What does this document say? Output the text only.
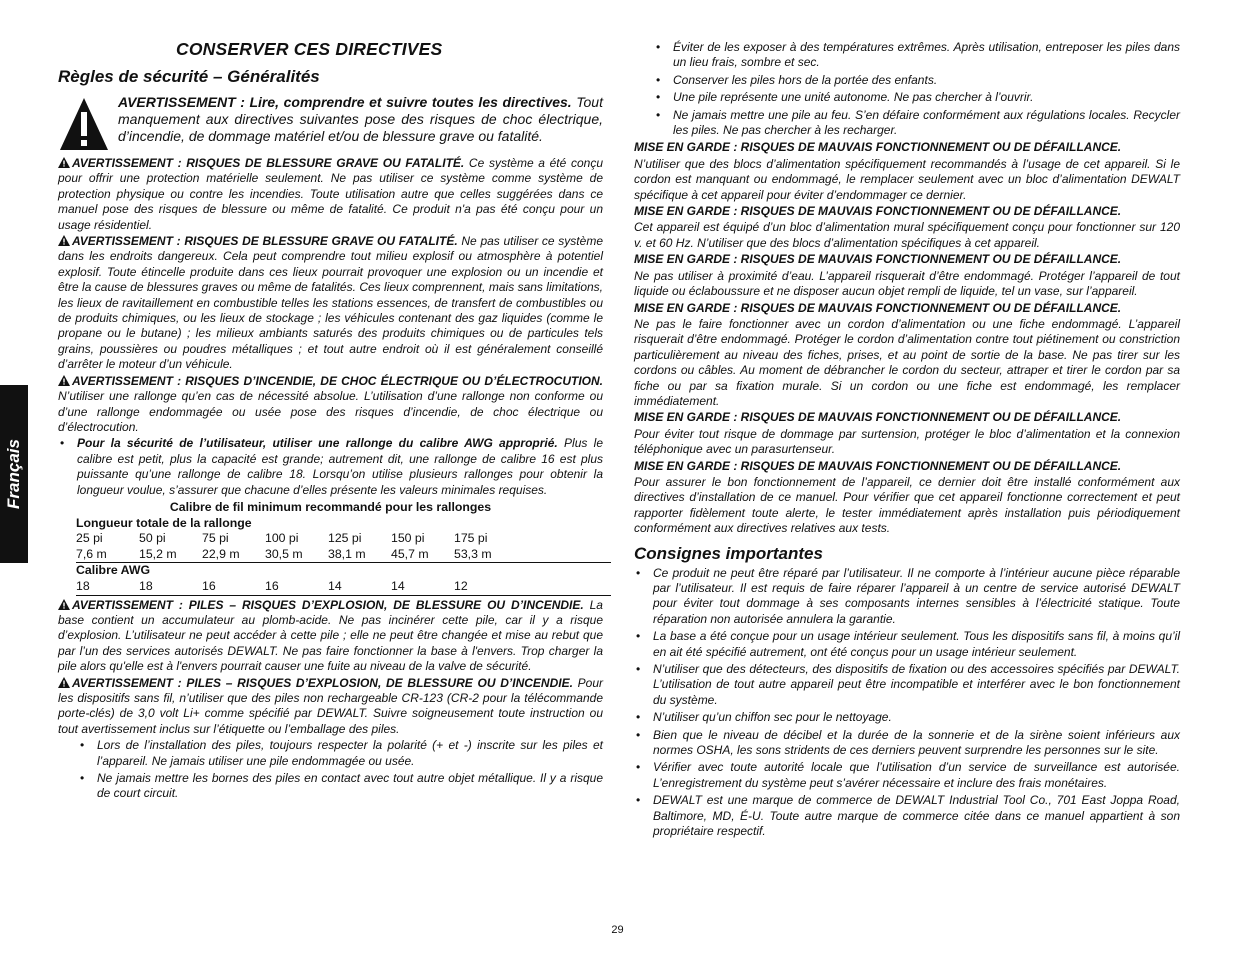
Français
CONSERVER CES DIRECTIVES
Règles de sécurité – Généralités
AVERTISSEMENT : Lire, comprendre et suivre toutes les directives. Tout manquement aux directives suivantes pose des risques de choc électrique, d’incendie, de dommage matériel et/ou de blessure grave ou fatalité.

AVERTISSEMENT : RISQUES DE BLESSURE GRAVE OU FATALITÉ. Ce système a été conçu pour offrir une protection matérielle seulement. Ne pas utiliser ce système comme système de protection physique ou contre les incendies. Toute utilisation autre que celles suggérées dans ce manuel pose des risques de blessure ou même de fatalité. Ce produit n'a pas été conçu pour un usage résidentiel.

AVERTISSEMENT : RISQUES DE BLESSURE GRAVE OU FATALITÉ. Ne pas utiliser ce système dans les endroits dangereux. Cela peut comprendre tout milieu explosif ou atmosphère à potentiel explosif. Toute étincelle produite dans ces lieux pourrait provoquer une explosion ou un incendie et être la cause de blessures graves ou même de fatalités. Ces lieux comprennent, mais sans limitations, les lieux de ravitaillement en combustible telles les stations essences, de transfert de combustibles ou de produits chimiques, ou les lieux de stockage ; les véhicules contenant des gaz liquides (comme le propane ou le butane) ; les milieux ambiants saturés des produits chimiques ou de particules tels grains, poussières ou poudres métalliques ; et tout autre endroit où il est généralement conseillé d’arrêter le moteur d’un véhicule.

AVERTISSEMENT : RISQUES D’INCENDIE, DE CHOC ÉLECTRIQUE OU D’ÉLECTROCUTION. N’utiliser une rallonge qu’en cas de nécessité absolue. L’utilisation d’une rallonge non conforme ou d’une rallonge endommagée ou usée pose des risques d’incendie, de choc électrique ou d’électrocution.

• Pour la sécurité de l’utilisateur, utiliser une rallonge du calibre AWG approprié. Plus le calibre est petit, plus la capacité est grande; autrement dit, une rallonge de calibre 16 est plus puissante qu’une rallonge de calibre 18. Lorsqu’on utilise plusieurs rallonges pour obtenir la longueur voulue, s’assurer que chacune d’elles présente les valeurs minimales requises.
Calibre de fil minimum recommandé pour les rallonges
Longueur totale de la rallonge							
25 pi	50 pi	75 pi	100 pi	125 pi	150 pi	175 pi	
7,6 m	15,2 m	22,9 m	30,5 m	38,1 m	45,7 m	53,3 m	
Calibre AWG							
18	18	16	16	14	14	12	

AVERTISSEMENT : PILES – RISQUES D’EXPLOSION, DE BLESSURE OU D’INCENDIE. La base contient un accumulateur au plomb-acide. Ne pas incinérer cette pile, car il y a risque d’explosion. L’utilisateur ne peut accéder à cette pile ; elle ne peut être changée et mise au rebut que par l’un des services autorisés DEWALT. Ne pas faire fonctionner la base à l'envers. Trop charger la pile alors qu'elle est à l'envers pourrait causer une fuite au niveau de la valve de sécurité.

AVERTISSEMENT : PILES – RISQUES D’EXPLOSION, DE BLESSURE OU D’INCENDIE. Pour les dispositifs sans fil, n’utiliser que des piles non rechargeable CR-123 (CR-2 pour la télécommande porte-clés) de 3,0 volt Li+ comme spécifié par DEWALT. Suivre soigneusement toute instruction ou tout avertissement inclus sur l’étiquette ou l’emballage des piles.

• Lors de l’installation des piles, toujours respecter la polarité (+ et -) inscrite sur les piles et l’appareil. Ne jamais utiliser une pile endommagée ou usée.
• Ne jamais mettre les bornes des piles en contact avec tout autre objet métallique. Il y a risque de court circuit.
• Éviter de les exposer à des températures extrêmes. Après utilisation, entreposer les piles dans un lieu frais, sombre et sec.
• Conserver les piles hors de la portée des enfants.
• Une pile représente une unité autonome. Ne pas chercher à l’ouvrir.
• Ne jamais mettre une pile au feu. S’en défaire conformément aux régulations locales. Recycler les piles. Ne pas chercher à les recharger.

MISE EN GARDE : RISQUES DE MAUVAIS FONCTIONNEMENT OU DE DÉFAILLANCE.

N’utiliser que des blocs d’alimentation spécifiquement recommandés à l’usage de cet appareil. Si le cordon est manquant ou endommagé, le remplacer seulement avec un bloc d’alimentation DEWALT spécifique à cet appareil pour éviter d’endommager ce dernier.

MISE EN GARDE : RISQUES DE MAUVAIS FONCTIONNEMENT OU DE DÉFAILLANCE.

Cet appareil est équipé d’un bloc d’alimentation mural spécifiquement conçu pour fonctionner sur 120 v. et 60 Hz. N’utiliser que des blocs d’alimentation spécifiques à cet appareil.

MISE EN GARDE : RISQUES DE MAUVAIS FONCTIONNEMENT OU DE DÉFAILLANCE.

Ne pas utiliser à proximité d’eau. L’appareil risquerait d’être endommagé. Protéger l’appareil de tout liquide ou éclaboussure et ne disposer aucun objet rempli de liquide, tel un vase, sur l’appareil.

MISE EN GARDE : RISQUES DE MAUVAIS FONCTIONNEMENT OU DE DÉFAILLANCE.

Ne pas le faire fonctionner avec un cordon d’alimentation ou une fiche endommagé. L’appareil risquerait d’être endommagé. Protéger le cordon d’alimentation contre tout piétinement ou constriction particulièrement au niveau des fiches, prises, et au point de sortie de la base. Ne pas tirer sur les cordons ou câbles. Au moment de débrancher le cordon du secteur, attraper et tirer le cordon par sa fiche ou par sa fixation murale. Si un cordon ou une fiche est endommagé, les remplacer immédiatement.

MISE EN GARDE : RISQUES DE MAUVAIS FONCTIONNEMENT OU DE DÉFAILLANCE.

Pour éviter tout risque de dommage par surtension, protéger le bloc d’alimentation et la connexion téléphonique avec un parasurtenseur.

MISE EN GARDE : RISQUES DE MAUVAIS FONCTIONNEMENT OU DE DÉFAILLANCE.

Pour assurer le bon fonctionnement de l’appareil, ce dernier doit être installé conformément aux directives d’installation de ce manuel. Pour vérifier que cet appareil fonctionne correctement et peut rapporter fidèlement toute alerte, le tester immédiatement après installation puis périodiquement conformément aux directives relatives aux tests.

Consignes importantes
• Ce produit ne peut être réparé par l’utilisateur. Il ne comporte à l’intérieur aucune pièce réparable par l’utilisateur. Il est requis de faire réparer l’appareil à un centre de service autorisé DEWALT pour éviter tout dommage à ses composants internes sensibles à l’électricité statique. Toute réparation non autorisée annulera la garantie.
• La base a été conçue pour un usage intérieur seulement. Tous les dispositifs sans fil, à moins qu’il en ait été spécifié autrement, ont été conçus pour un usage intérieur seulement.
• N’utiliser que des détecteurs, des dispositifs de fixation ou des accessoires spécifiés par DEWALT. L’utilisation de tout autre appareil peut être incompatible et interférer avec le bon fonctionnement du système.
• N’utiliser qu’un chiffon sec pour le nettoyage.
• Bien que le niveau de décibel et la durée de la sonnerie et de la sirène soient inférieurs aux normes OSHA, les sons stridents de ces derniers peuvent surprendre les personnes sur le site.
• Vérifier avec toute autorité locale que l’utilisation d’un service de surveillance est autorisée. L’enregistrement du système peut s’avérer nécessaire et inclure des frais monétaires.
• DEWALT est une marque de commerce de DEWALT Industrial Tool Co., 701 East Joppa Road, Baltimore, MD, É-U. Toute autre marque de commerce citée dans ce manuel appartient à son propriétaire respectif.
29
